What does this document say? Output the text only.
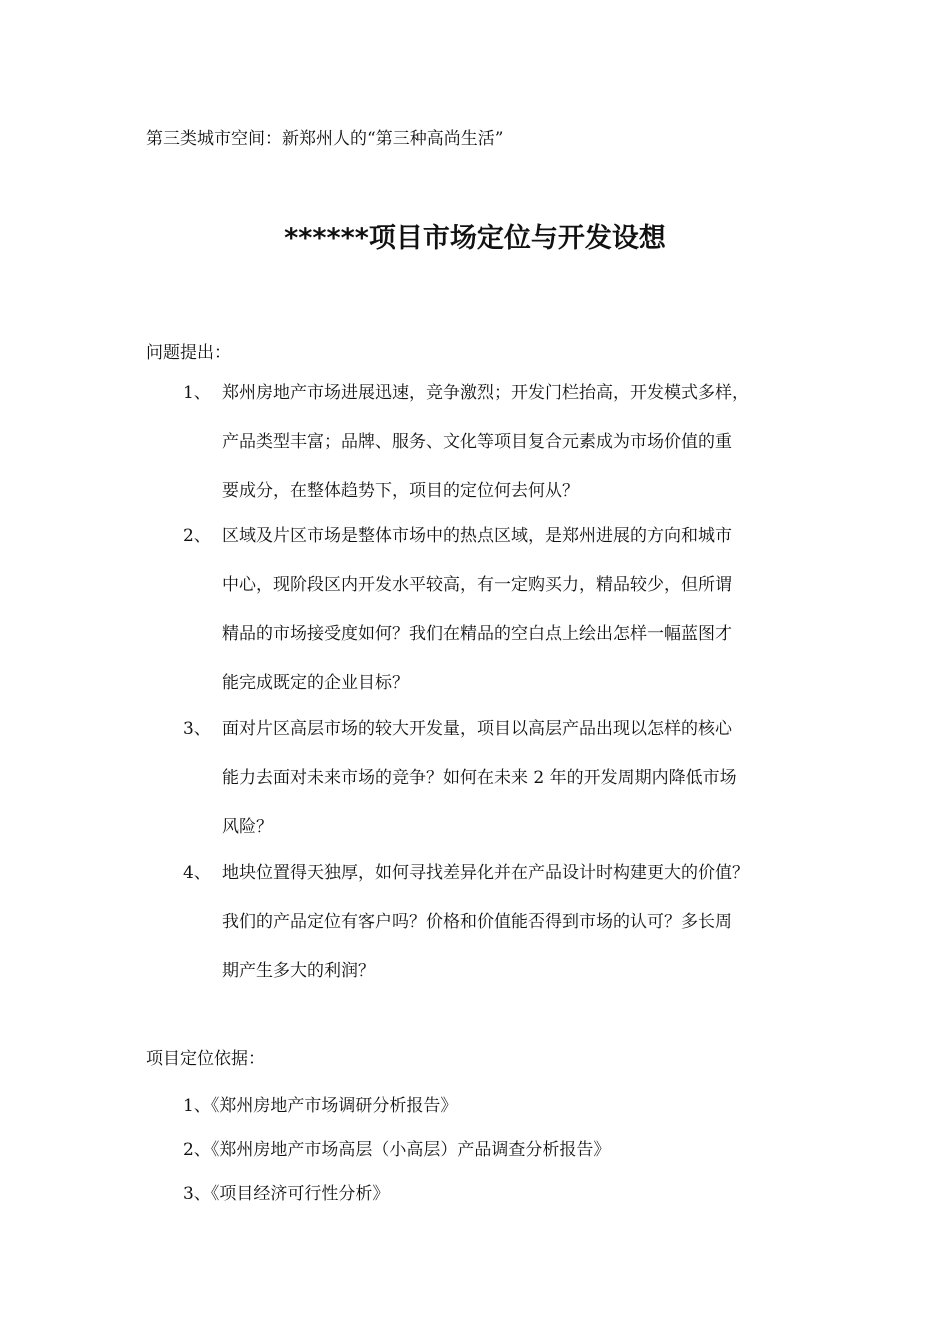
第三类城市空间：新郑州人的“第三种高尚生活”
******项目市场定位与开发设想
问题提出：
1、 郑州房地产市场进展迅速，竞争激烈；开发门栏抬高，开发模式多样，
产品类型丰富；品牌、服务、文化等项目复合元素成为市场价值的重
要成分，在整体趋势下，项目的定位何去何从？
2、 区域及片区市场是整体市场中的热点区域，是郑州进展的方向和城市
中心，现阶段区内开发水平较高，有一定购买力，精品较少，但所谓
精品的市场接受度如何？我们在精品的空白点上绘出怎样一幅蓝图才
能完成既定的企业目标？
3、 面对片区高层市场的较大开发量，项目以高层产品出现以怎样的核心
能力去面对未来市场的竞争？如何在未来 2 年的开发周期内降低市场
风险？
4、 地块位置得天独厚，如何寻找差异化并在产品设计时构建更大的价值？
我们的产品定位有客户吗？价格和价值能否得到市场的认可？多长周
期产生多大的利润？
项目定位依据：
1、《郑州房地产市场调研分析报告》
2、《郑州房地产市场高层（小高层）产品调查分析报告》
3、《项目经济可行性分析》
